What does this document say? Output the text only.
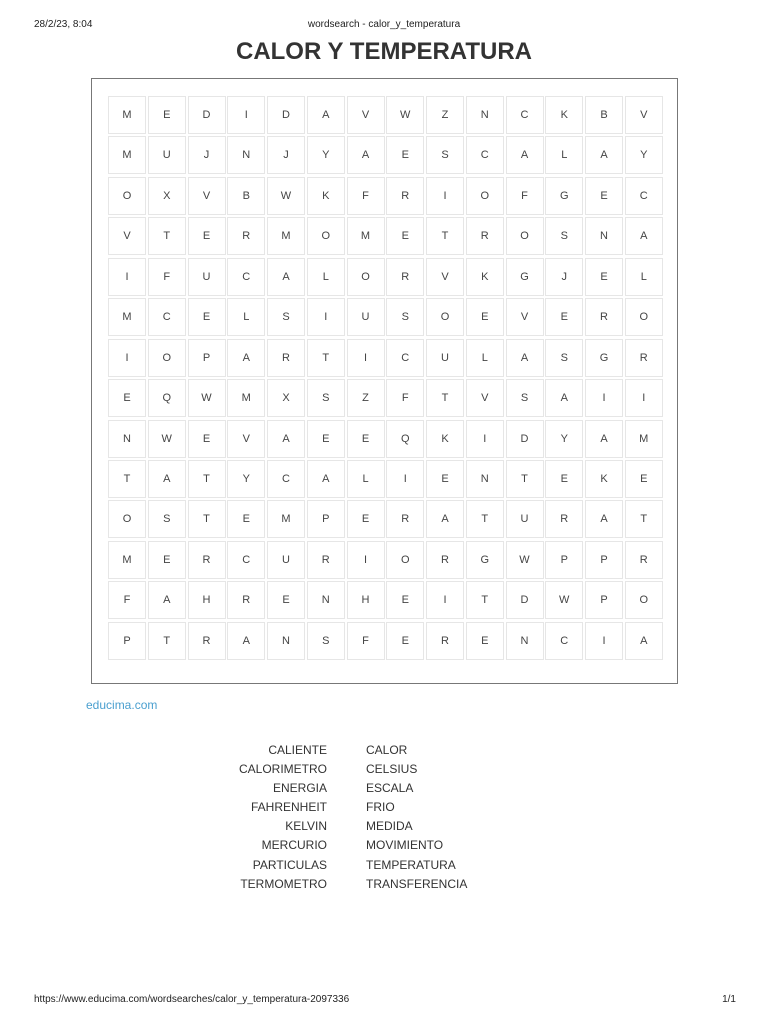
28/2/23, 8:04	wordsearch - calor_y_temperatura
CALOR Y TEMPERATURA
M	E	D	I	D	A	V	W	Z	N	C	K	B	V
M	U	J	N	J	Y	A	E	S	C	A	L	A	Y
O	X	V	B	W	K	F	R	I	O	F	G	E	C
V	T	E	R	M	O	M	E	T	R	O	S	N	A
I	F	U	C	A	L	O	R	V	K	G	J	E	L
M	C	E	L	S	I	U	S	O	E	V	E	R	O
I	O	P	A	R	T	I	C	U	L	A	S	G	R
E	Q	W	M	X	S	Z	F	T	V	S	A	I	I
N	W	E	V	A	E	E	Q	K	I	D	Y	A	M
T	A	T	Y	C	A	L	I	E	N	T	E	K	E
O	S	T	E	M	P	E	R	A	T	U	R	A	T
M	E	R	C	U	R	I	O	R	G	W	P	P	R
F	A	H	R	E	N	H	E	I	T	D	W	P	O
P	T	R	A	N	S	F	E	R	E	N	C	I	A
educima.com
CALIENTE
CALORIMETRO
ENERGIA
FAHRENHEIT
KELVIN
MERCURIO
PARTICULAS
TERMOMETRO
CALOR
CELSIUS
ESCALA
FRIO
MEDIDA
MOVIMIENTO
TEMPERATURA
TRANSFERENCIA
https://www.educima.com/wordsearches/calor_y_temperatura-2097336	1/1
